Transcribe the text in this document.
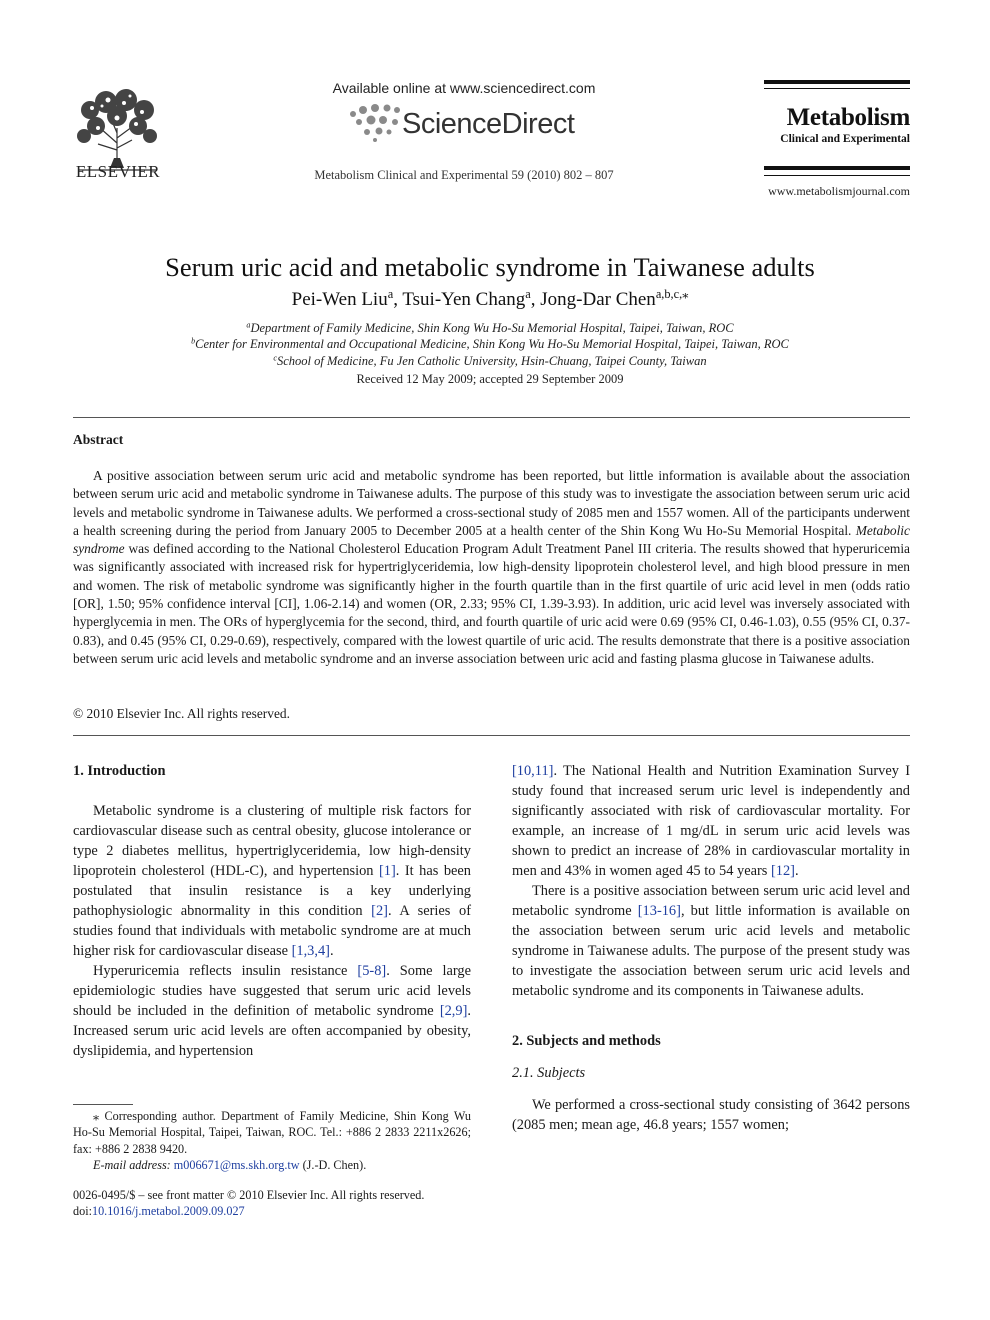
ELSEVIER
Available online at www.sciencedirect.com
ScienceDirect
Metabolism Clinical and Experimental 59 (2010) 802 – 807
Metabolism
Clinical and Experimental
www.metabolismjournal.com
Serum uric acid and metabolic syndrome in Taiwanese adults
Pei-Wen Liu$^a$, Tsui-Yen Chang$^a$, Jong-Dar Chen$^{a,b,c,⁎}$
$^a$Department of Family Medicine, Shin Kong Wu Ho-Su Memorial Hospital, Taipei, Taiwan, ROC
$^b$Center for Environmental and Occupational Medicine, Shin Kong Wu Ho-Su Memorial Hospital, Taipei, Taiwan, ROC
$^c$School of Medicine, Fu Jen Catholic University, Hsin-Chuang, Taipei County, Taiwan
Received 12 May 2009; accepted 29 September 2009
Abstract
A positive association between serum uric acid and metabolic syndrome has been reported, but little information is available about the association between serum uric acid and metabolic syndrome in Taiwanese adults. The purpose of this study was to investigate the association between serum uric acid levels and metabolic syndrome in Taiwanese adults. We performed a cross-sectional study of 2085 men and 1557 women. All of the participants underwent a health screening during the period from January 2005 to December 2005 at a health center of the Shin Kong Wu Ho-Su Memorial Hospital. Metabolic syndrome was defined according to the National Cholesterol Education Program Adult Treatment Panel III criteria. The results showed that hyperuricemia was significantly associated with increased risk for hypertriglyceridemia, low high-density lipoprotein cholesterol level, and high blood pressure in men and women. The risk of metabolic syndrome was significantly higher in the fourth quartile than in the first quartile of uric acid level in men (odds ratio [OR], 1.50; 95% confidence interval [CI], 1.06-2.14) and women (OR, 2.33; 95% CI, 1.39-3.93). In addition, uric acid level was inversely associated with hyperglycemia in men. The ORs of hyperglycemia for the second, third, and fourth quartile of uric acid were 0.69 (95% CI, 0.46-1.03), 0.55 (95% CI, 0.37-0.83), and 0.45 (95% CI, 0.29-0.69), respectively, compared with the lowest quartile of uric acid. The results demonstrate that there is a positive association between serum uric acid levels and metabolic syndrome and an inverse association between uric acid and fasting plasma glucose in Taiwanese adults.
© 2010 Elsevier Inc. All rights reserved.
1. Introduction

Metabolic syndrome is a clustering of multiple risk factors for cardiovascular disease such as central obesity, glucose intolerance or type 2 diabetes mellitus, hypertriglyceridemia, low high-density lipoprotein cholesterol (HDL-C), and hypertension [1]. It has been postulated that insulin resistance is a key underlying pathophysiologic abnormality in this condition [2]. A series of studies found that individuals with metabolic syndrome are at much higher risk for cardiovascular disease [1,3,4].

Hyperuricemia reflects insulin resistance [5-8]. Some large epidemiologic studies have suggested that serum uric acid levels should be included in the definition of metabolic syndrome [2,9]. Increased serum uric acid levels are often accompanied by obesity, dyslipidemia, and hypertension

[10,11]. The National Health and Nutrition Examination Survey I study found that increased serum uric level is independently and significantly associated with risk of cardiovascular mortality. For example, an increase of 1 mg/dL in serum uric acid levels was shown to predict an increase of 28% in cardiovascular mortality in men and 43% in women aged 45 to 54 years [12].

There is a positive association between serum uric acid level and metabolic syndrome [13-16], but little information is available on the association between serum uric acid levels and metabolic syndrome in Taiwanese adults. The purpose of the present study was to investigate the association between serum uric acid levels and metabolic syndrome and its components in Taiwanese adults.

2. Subjects and methods
2.1. Subjects

We performed a cross-sectional study consisting of 3642 persons (2085 men; mean age, 46.8 years; 1557 women;

⁎ Corresponding author. Department of Family Medicine, Shin Kong Wu Ho-Su Memorial Hospital, Taipei, Taiwan, ROC. Tel.: +886 2 2833 2211x2626; fax: +886 2 2838 9420.
E-mail address: m006671@ms.skh.org.tw (J.-D. Chen).
0026-0495/$ – see front matter © 2010 Elsevier Inc. All rights reserved.
doi:10.1016/j.metabol.2009.09.027
